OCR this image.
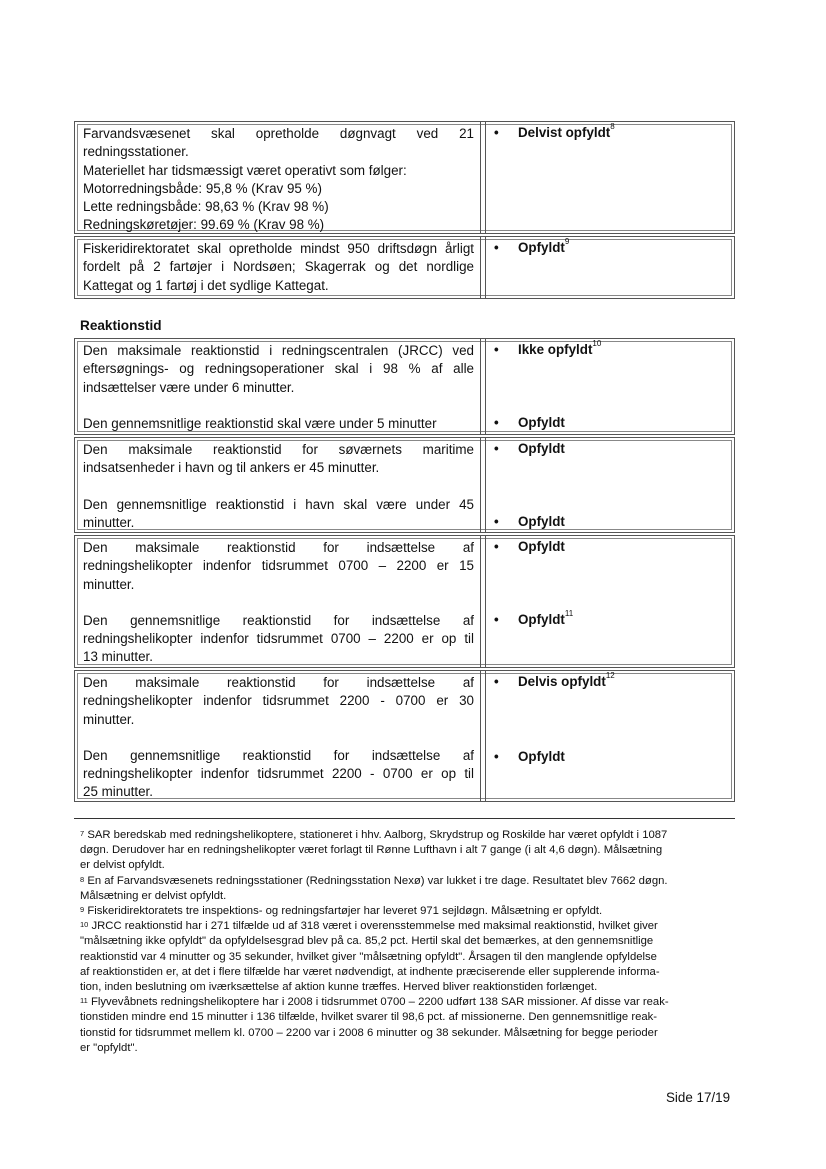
Farvandsvæsenet skal opretholde døgnvagt ved 21

redningsstationer.

Materiellet har tidsmæssigt været operativt som følger:

Motorredningsbåde: 95,8 % (Krav 95 %)

Lette redningsbåde: 98,63 % (Krav 98 %)

Redningskøretøjer: 99.69 % (Krav 98 %)

• Delvist opfyldt$^8$

Fiskeridirektoratet skal opretholde mindst 950 driftsdøgn årligt

fordelt på 2 fartøjer i Nordsøen; Skagerrak og det nordlige

Kattegat og 1 fartøj i det sydlige Kattegat.

• Opfyldt$^9$
Reaktionstid

Den maksimale reaktionstid i redningscentralen (JRCC) ved

eftersøgnings- og redningsoperationer skal i 98 % af alle

indsættelser være under 6 minutter.

Den gennemsnitlige reaktionstid skal være under 5 minutter

• Ikke opfyldt$^{10}$
• Opfyldt

Den maksimale reaktionstid for søværnets maritime

indsatsenheder i havn og til ankers er 45 minutter.

Den gennemsnitlige reaktionstid i havn skal være under 45

minutter.

• Opfyldt
• Opfyldt

Den maksimale reaktionstid for indsættelse af

redningshelikopter indenfor tidsrummet 0700 – 2200 er 15

minutter.

Den gennemsnitlige reaktionstid for indsættelse af

redningshelikopter indenfor tidsrummet 0700 – 2200 er op til

13 minutter.

• Opfyldt
• Opfyldt$^{11}$

Den maksimale reaktionstid for indsættelse af

redningshelikopter indenfor tidsrummet 2200 - 0700 er 30

minutter.

Den gennemsnitlige reaktionstid for indsættelse af

redningshelikopter indenfor tidsrummet 2200 - 0700 er op til

25 minutter.

• Delvis opfyldt$^{12}$
• Opfyldt
$^7$ SAR beredskab med redningshelikoptere, stationeret i hhv. Aalborg, Skrydstrup og Roskilde har været opfyldt i 1087
døgn. Derudover har en redningshelikopter været forlagt til Rønne Lufthavn i alt 7 gange (i alt 4,6 døgn). Målsætning
er delvist opfyldt.
$^8$ En af Farvandsvæsenets redningsstationer (Redningsstation Nexø) var lukket i tre dage. Resultatet blev 7662 døgn.
Målsætning er delvist opfyldt.
$^9$ Fiskeridirektoratets tre inspektions- og redningsfartøjer har leveret 971 sejldøgn. Målsætning er opfyldt.
$^{10}$ JRCC reaktionstid har i 271 tilfælde ud af 318 været i overensstemmelse med maksimal reaktionstid, hvilket giver
"målsætning ikke opfyldt" da opfyldelsesgrad blev på ca. 85,2 pct. Hertil skal det bemærkes, at den gennemsnitlige
reaktionstid var 4 minutter og 35 sekunder, hvilket giver "målsætning opfyldt". Årsagen til den manglende opfyldelse
af reaktionstiden er, at det i flere tilfælde har været nødvendigt, at indhente præciserende eller supplerende informa-
tion, inden beslutning om iværksættelse af aktion kunne træffes. Herved bliver reaktionstiden forlænget.
$^{11}$ Flyvevåbnets redningshelikoptere har i 2008 i tidsrummet 0700 – 2200 udført 138 SAR missioner. Af disse var reak-
tionstiden mindre end 15 minutter i 136 tilfælde, hvilket svarer til 98,6 pct. af missionerne. Den gennemsnitlige reak-
tionstid for tidsrummet mellem kl. 0700 – 2200 var i 2008 6 minutter og 38 sekunder. Målsætning for begge perioder
er "opfyldt".
Side 17/19
